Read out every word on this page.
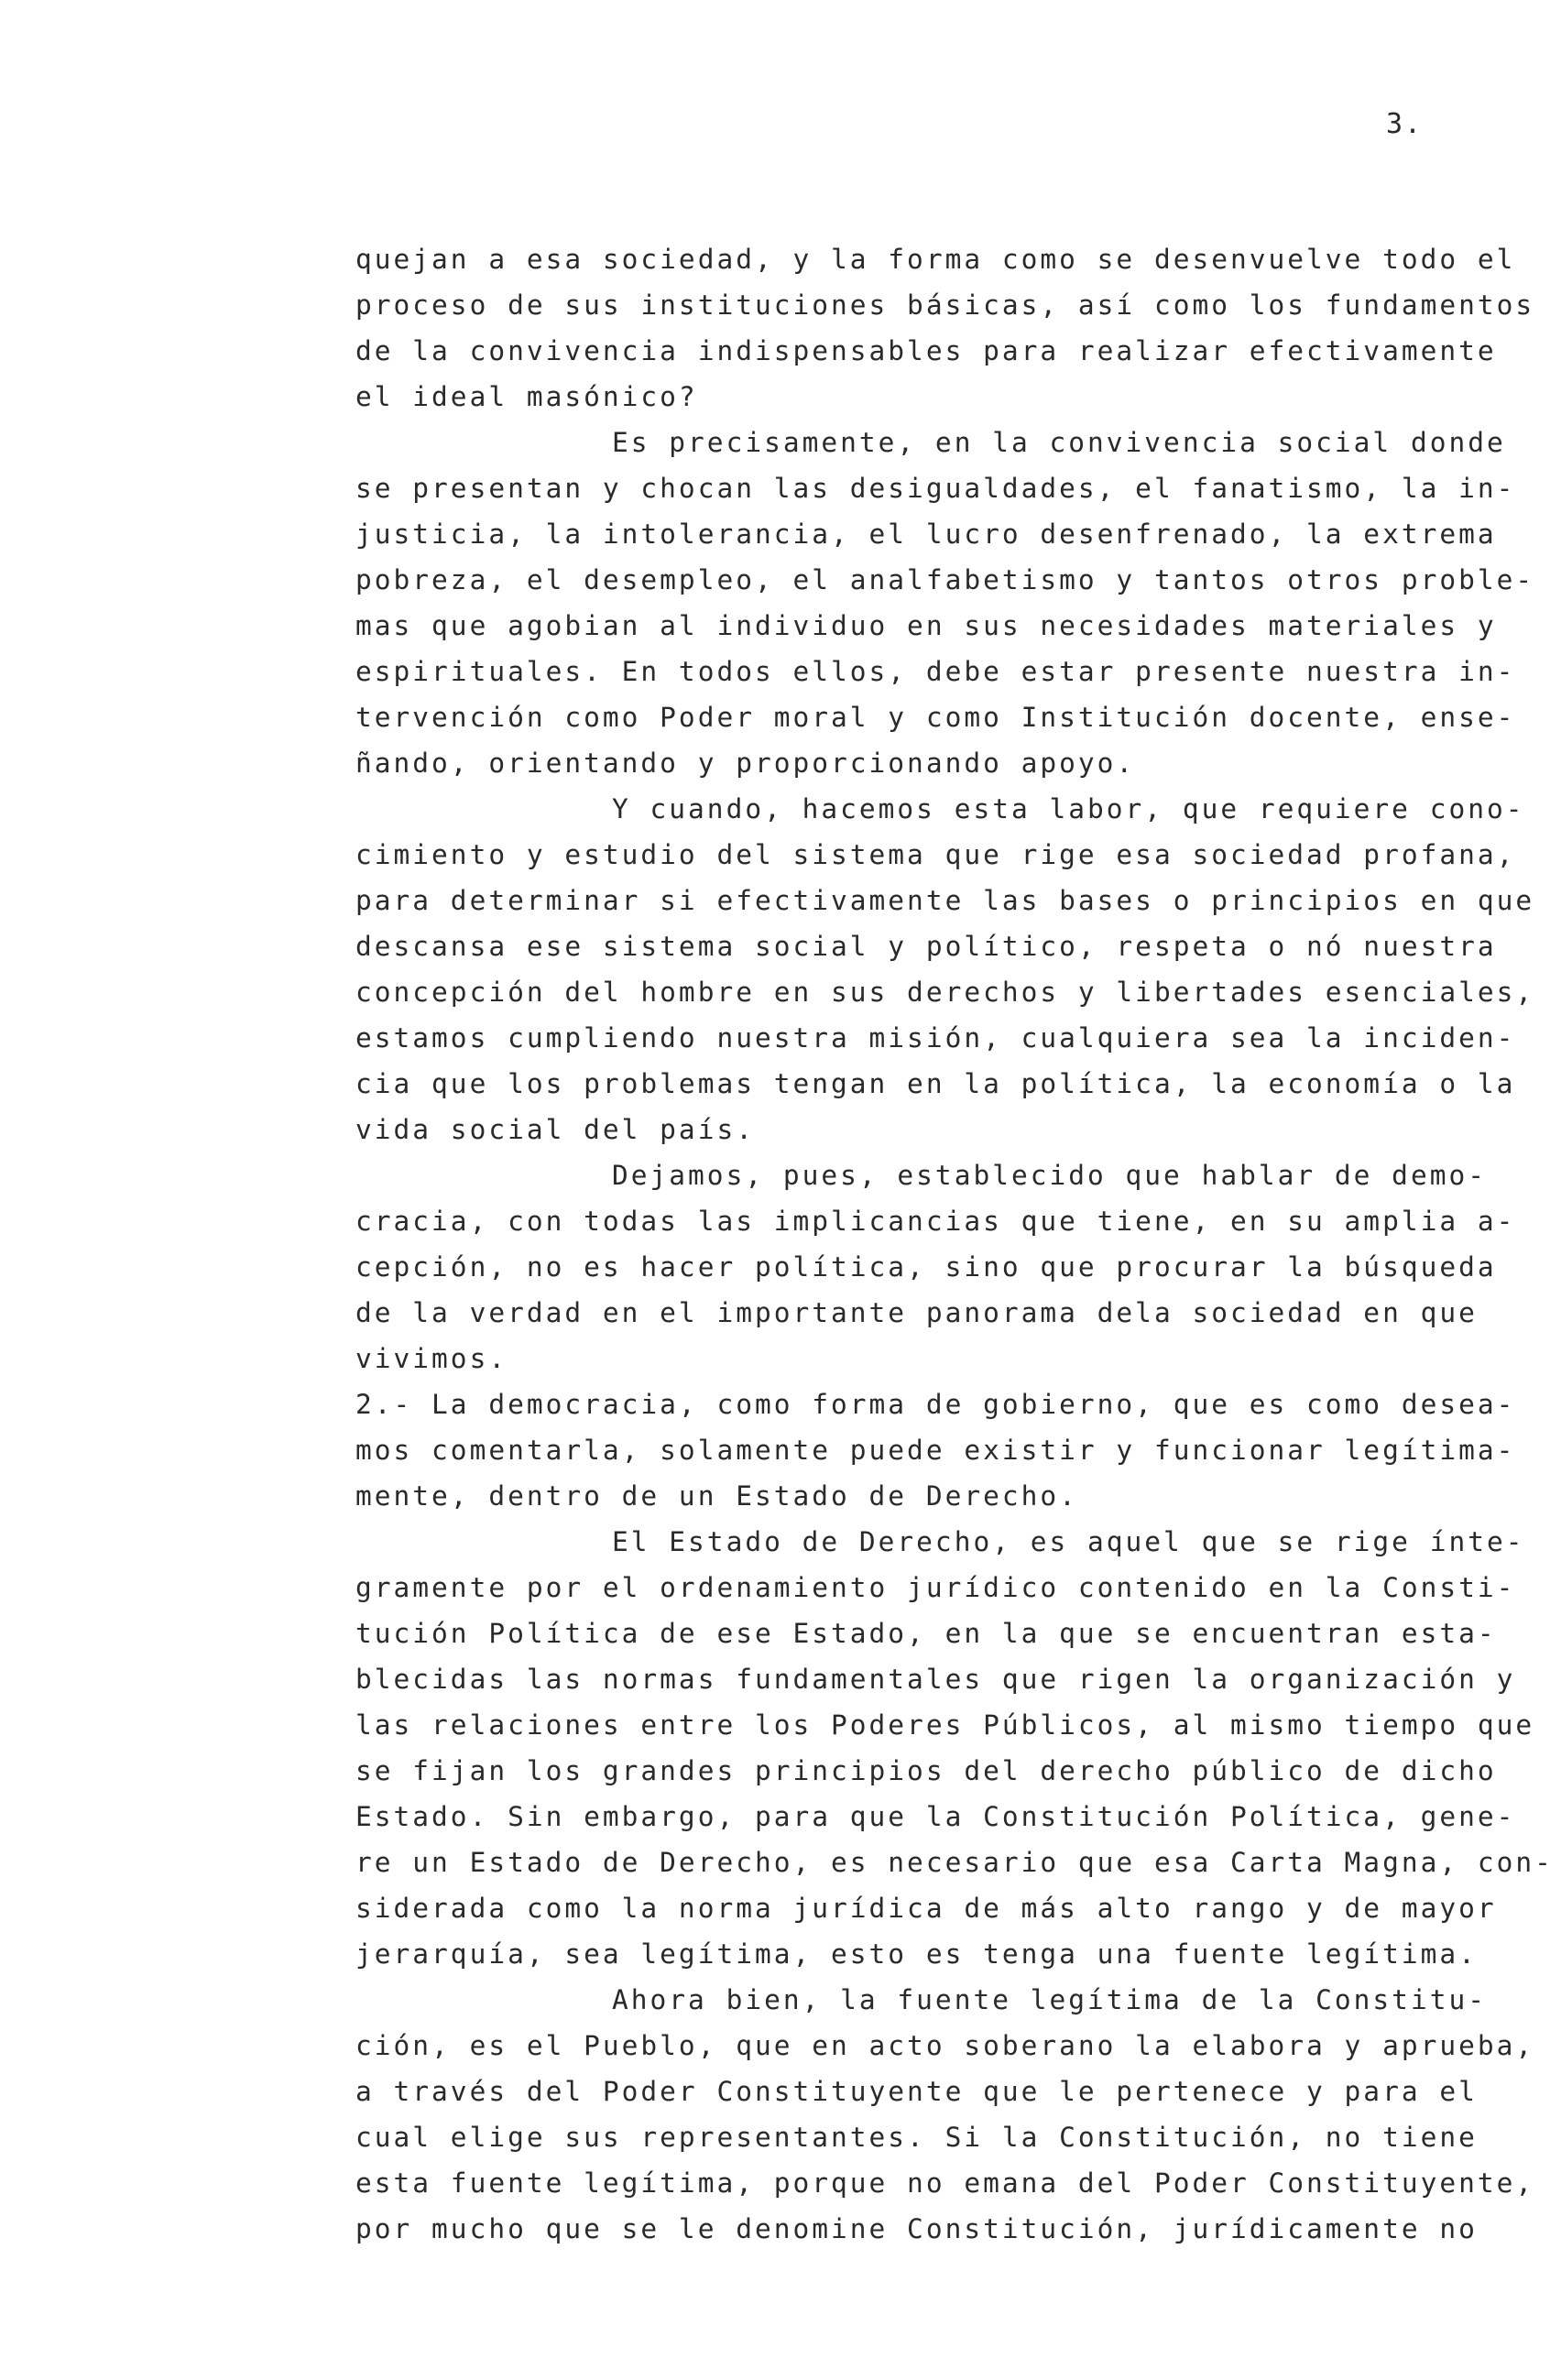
3.
quejan a esa sociedad, y la forma como se desenvuelve todo el
proceso de sus instituciones básicas, así como los fundamentos
de la convivencia indispensables para realizar efectivamente
el ideal masónico?
Es precisamente, en la convivencia social donde
se presentan y chocan las desigualdades, el fanatismo, la in-
justicia, la intolerancia, el lucro desenfrenado, la extrema
pobreza, el desempleo, el analfabetismo y tantos otros proble-
mas que agobian al individuo en sus necesidades materiales y
espirituales. En todos ellos, debe estar presente nuestra in-
tervención como Poder moral y como Institución docente, ense-
ñando, orientando y proporcionando apoyo.
Y cuando, hacemos esta labor, que requiere cono-
cimiento y estudio del sistema que rige esa sociedad profana,
para determinar si efectivamente las bases o principios en que
descansa ese sistema social y político, respeta o nó nuestra
concepción del hombre en sus derechos y libertades esenciales,
estamos cumpliendo nuestra misión, cualquiera sea la inciden-
cia que los problemas tengan en la política, la economía o la
vida social del país.
Dejamos, pues, establecido que hablar de demo-
cracia, con todas las implicancias que tiene, en su amplia a-
cepción, no es hacer política, sino que procurar la búsqueda
de la verdad en el importante panorama dela sociedad en que
vivimos.
2.- La democracia, como forma de gobierno, que es como desea-
mos comentarla, solamente puede existir y funcionar legítima-
mente, dentro de un Estado de Derecho.
El Estado de Derecho, es aquel que se rige ínte-
gramente por el ordenamiento jurídico contenido en la Consti-
tución Política de ese Estado, en la que se encuentran esta-
blecidas las normas fundamentales que rigen la organización y
las relaciones entre los Poderes Públicos, al mismo tiempo que
se fijan los grandes principios del derecho público de dicho
Estado. Sin embargo, para que la Constitución Política, gene-
re un Estado de Derecho, es necesario que esa Carta Magna, con-
siderada como la norma jurídica de más alto rango y de mayor
jerarquía, sea legítima, esto es tenga una fuente legítima.
Ahora bien, la fuente legítima de la Constitu-
ción, es el Pueblo, que en acto soberano la elabora y aprueba,
a través del Poder Constituyente que le pertenece y para el
cual elige sus representantes. Si la Constitución, no tiene
esta fuente legítima, porque no emana del Poder Constituyente,
por mucho que se le denomine Constitución, jurídicamente no
